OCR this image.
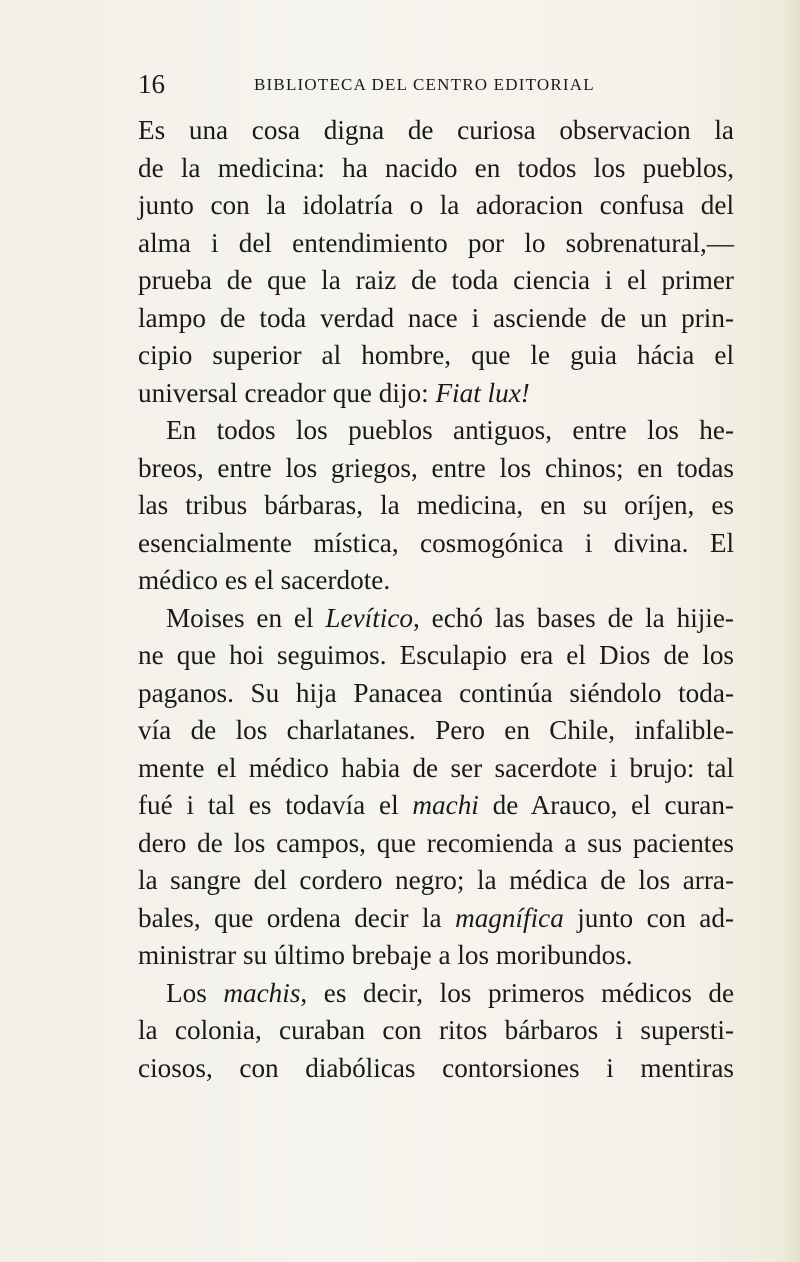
16	BIBLIOTECA DEL CENTRO EDITORIAL
Es una cosa digna de curiosa observacion la
de la medicina: ha nacido en todos los pueblos,
junto con la idolatría o la adoracion confusa del
alma i del entendimiento por lo sobrenatural,—
prueba de que la raiz de toda ciencia i el primer
lampo de toda verdad nace i asciende de un prin-
cipio superior al hombre, que le guia hácia el
universal creador que dijo: Fiat lux!
En todos los pueblos antiguos, entre los he-
breos, entre los griegos, entre los chinos; en todas
las tribus bárbaras, la medicina, en su oríjen, es
esencialmente mística, cosmogónica i divina. El
médico es el sacerdote.
Moises en el Levítico, echó las bases de la hijie-
ne que hoi seguimos. Esculapio era el Dios de los
paganos. Su hija Panacea continúa siéndolo toda-
vía de los charlatanes. Pero en Chile, infalible-
mente el médico habia de ser sacerdote i brujo: tal
fué i tal es todavía el machi de Arauco, el curan-
dero de los campos, que recomienda a sus pacientes
la sangre del cordero negro; la médica de los arra-
bales, que ordena decir la magnífica junto con ad-
ministrar su último brebaje a los moribundos.
Los machis, es decir, los primeros médicos de
la colonia, curaban con ritos bárbaros i supersti-
ciosos, con diabólicas contorsiones i mentiras
